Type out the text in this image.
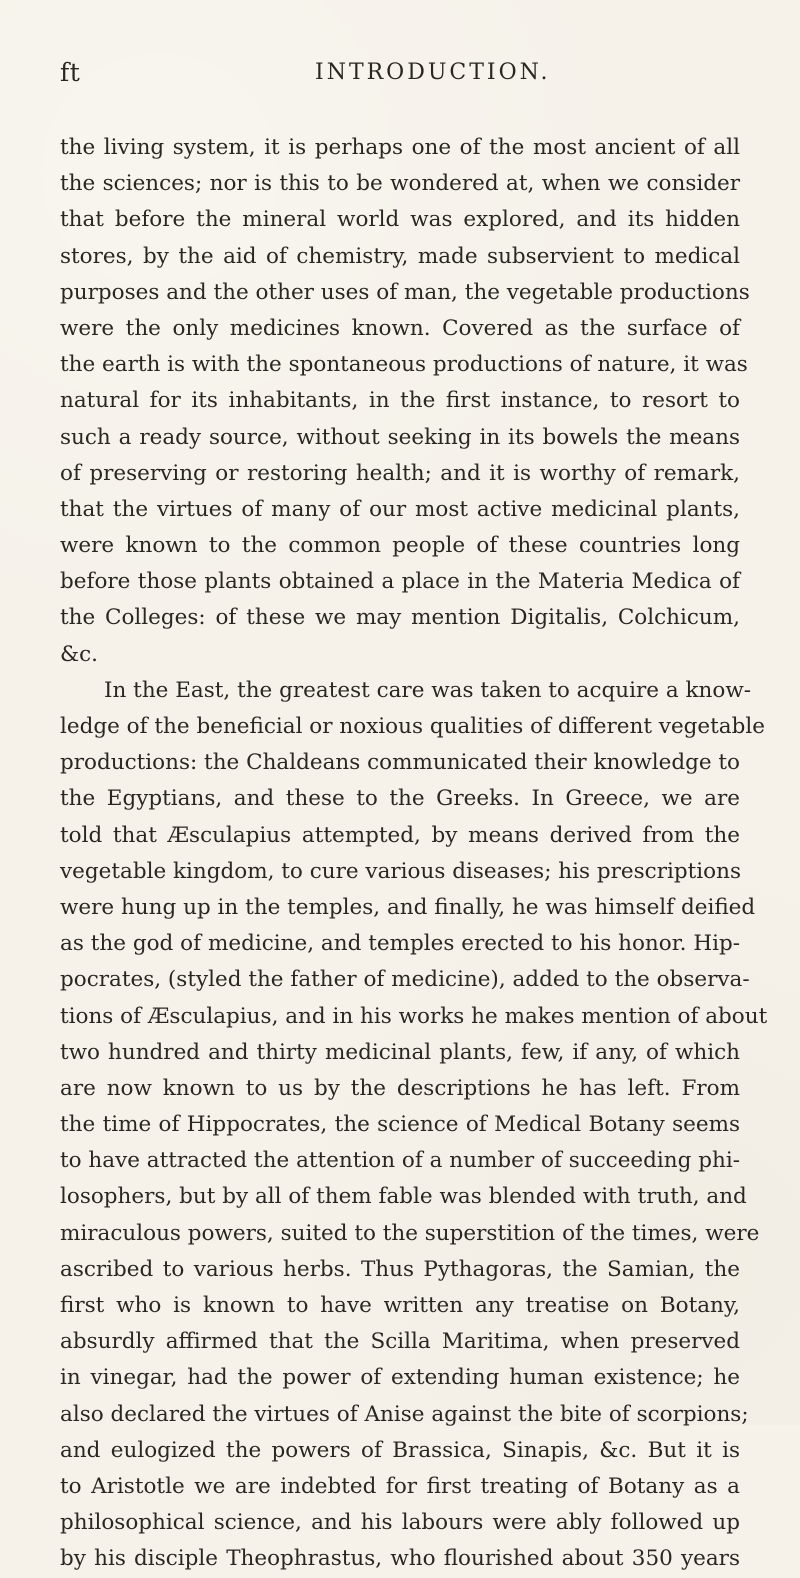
ft	INTRODUCTION.
the living system, it is perhaps one of the most ancient of all
the sciences; nor is this to be wondered at, when we consider
that before the mineral world was explored, and its hidden
stores, by the aid of chemistry, made subservient to medical
purposes and the other uses of man, the vegetable productions
were the only medicines known. Covered as the surface of
the earth is with the spontaneous productions of nature, it was
natural for its inhabitants, in the first instance, to resort to
such a ready source, without seeking in its bowels the means
of preserving or restoring health; and it is worthy of remark,
that the virtues of many of our most active medicinal plants,
were known to the common people of these countries long
before those plants obtained a place in the Materia Medica of
the Colleges: of these we may mention Digitalis, Colchicum,
&c.
In the East, the greatest care was taken to acquire a know-
ledge of the beneficial or noxious qualities of different vegetable
productions: the Chaldeans communicated their knowledge to
the Egyptians, and these to the Greeks. In Greece, we are
told that Æsculapius attempted, by means derived from the
vegetable kingdom, to cure various diseases; his prescriptions
were hung up in the temples, and finally, he was himself deified
as the god of medicine, and temples erected to his honor. Hip-
pocrates, (styled the father of medicine), added to the observa-
tions of Æsculapius, and in his works he makes mention of about
two hundred and thirty medicinal plants, few, if any, of which
are now known to us by the descriptions he has left. From
the time of Hippocrates, the science of Medical Botany seems
to have attracted the attention of a number of succeeding phi-
losophers, but by all of them fable was blended with truth, and
miraculous powers, suited to the superstition of the times, were
ascribed to various herbs. Thus Pythagoras, the Samian, the
first who is known to have written any treatise on Botany,
absurdly affirmed that the Scilla Maritima, when preserved
in vinegar, had the power of extending human existence; he
also declared the virtues of Anise against the bite of scorpions;
and eulogized the powers of Brassica, Sinapis, &c. But it is
to Aristotle we are indebted for first treating of Botany as a
philosophical science, and his labours were ably followed up
by his disciple Theophrastus, who flourished about 350 years
